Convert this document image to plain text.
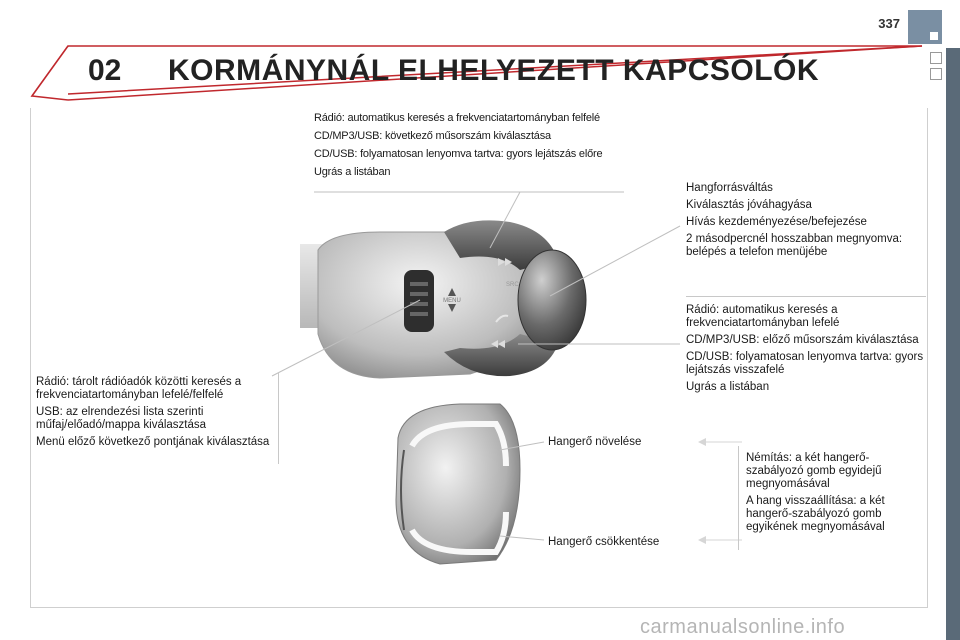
337
02 KORMÁNYNÁL ELHELYEZETT KAPCSOLÓK
MENU
SRC

Rádió: automatikus keresés a frekvenciatartományban felfelé

CD/MP3/USB: következő műsorszám kiválasztása

CD/USB: folyamatosan lenyomva tartva: gyors lejátszás előre

Ugrás a listában

Hangforrásváltás

Kiválasztás jóváhagyása

Hívás kezdeményezése/befejezése

2 másodpercnél hosszabban megnyomva: belépés a telefon menüjébe

Rádió: automatikus keresés a frekvenciatartományban lefelé

CD/MP3/USB: előző műsorszám kiválasztása

CD/USB: folyamatosan lenyomva tartva: gyors lejátszás visszafelé

Ugrás a listában

Rádió: tárolt rádióadók közötti keresés a frekvenciatartományban lefelé/felfelé

USB: az elrendezési lista szerinti műfaj/előadó/mappa kiválasztása

Menü előző következő pontjának kiválasztása	Hangerő növelése
Hangerő csökkentése

Némítás: a két hangerő-szabályozó gomb egyidejű megnyomásával

A hang visszaállítása: a két hangerő-szabályozó gomb egyikének megnyomásával

carmanualsonline.info
